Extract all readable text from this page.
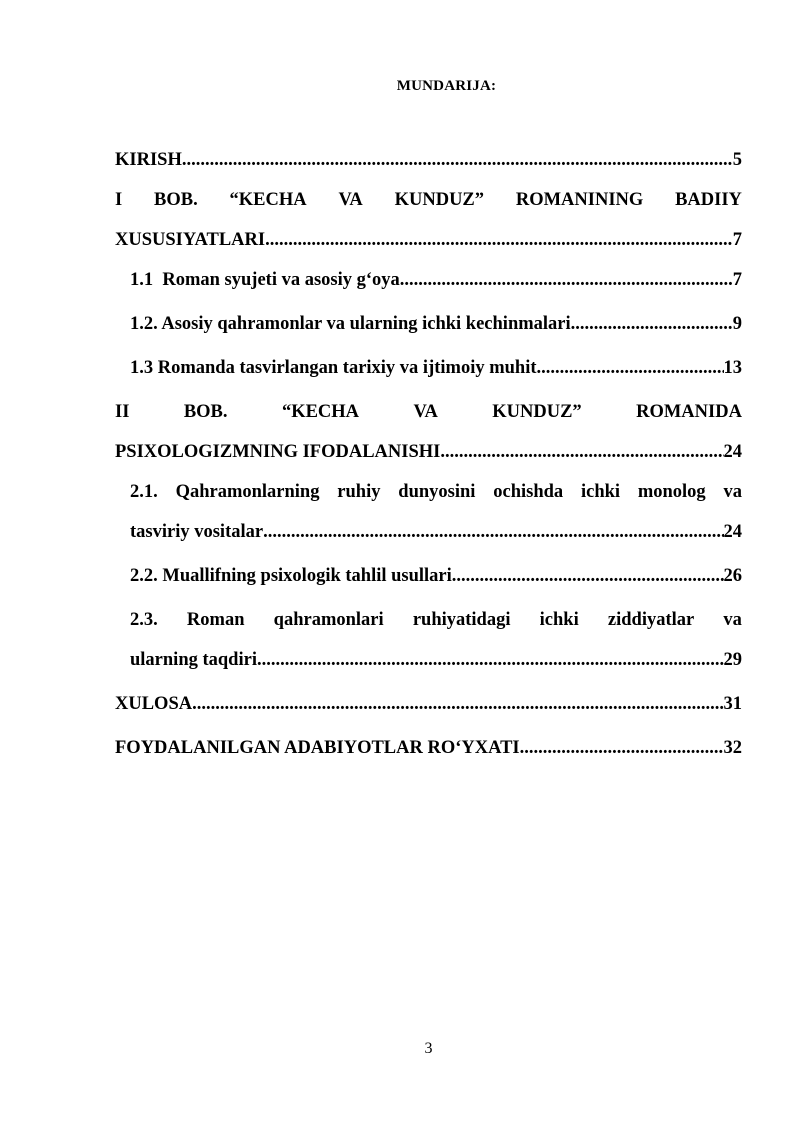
MUNDARIJA:
KIRISH .....	5
I BOB. “KECHA VA KUNDUZ” ROMANINING BADIIY
XUSUSIYATLARI .....	7
1.1  Roman syujeti va asosiy g‘oya .....	7
1.2. Asosiy qahramonlar va ularning ichki kechinmalari .....	9
1.3 Romanda tasvirlangan tarixiy va ijtimoiy muhit .....	13
II	BOB.	“KECHA	VA	KUNDUZ”	ROMANIDA
PSIXOLOGIZMNING IFODALANISHI .....	24
2.1. Qahramonlarning ruhiy dunyosini ochishda ichki monolog va
tasviriy vositalar .....	24
2.2. Muallifning psixologik tahlil usullari .....	26
2.3. Roman qahramonlari ruhiyatidagi ichki ziddiyatlar va
ularning taqdiri .....	29
XULOSA .....	31
FOYDALANILGAN ADABIYOTLAR RO‘YXATI .....	32
3
